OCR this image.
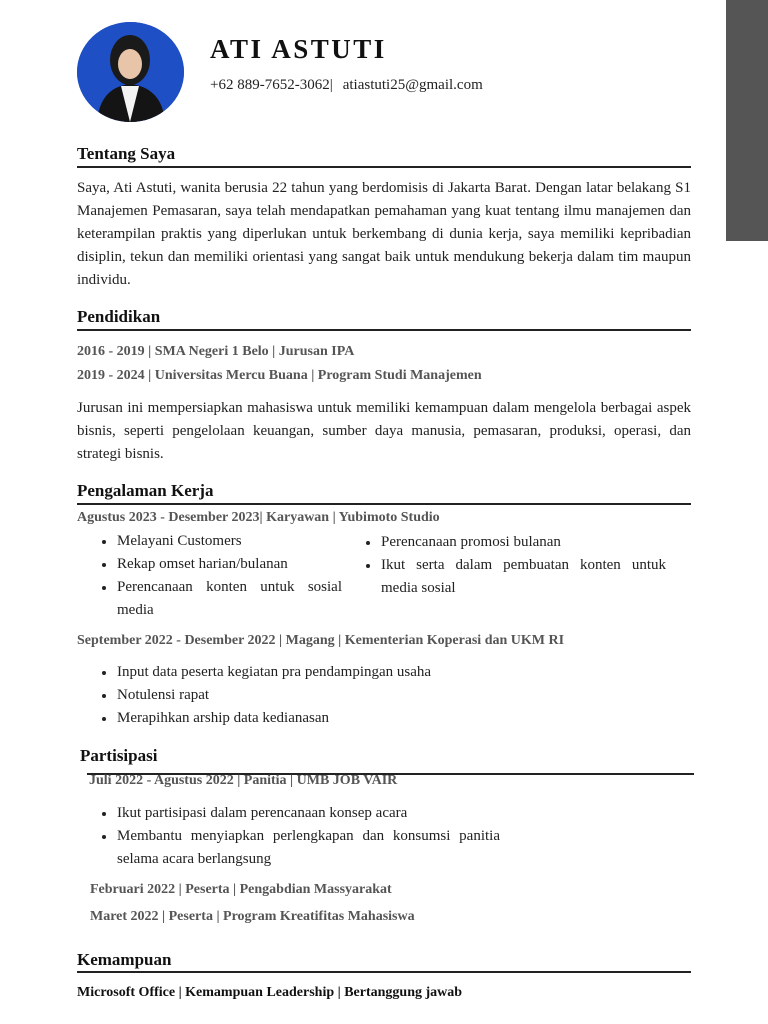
ATI ASTUTI
+62 889-7652-3062| atiastuti25@gmail.com
Tentang Saya
Saya, Ati Astuti, wanita berusia 22 tahun yang berdomisis di Jakarta Barat. Dengan latar belakang S1 Manajemen Pemasaran, saya telah mendapatkan pemahaman yang kuat tentang ilmu manajemen dan keterampilan praktis yang diperlukan untuk berkembang di dunia kerja, saya memiliki kepribadian disiplin, tekun dan memiliki orientasi yang sangat baik untuk mendukung bekerja dalam tim maupun individu.
Pendidikan
2016 - 2019 | SMA Negeri 1 Belo | Jurusan IPA
2019 - 2024 | Universitas Mercu Buana | Program Studi Manajemen
Jurusan ini mempersiapkan mahasiswa untuk memiliki kemampuan dalam mengelola berbagai aspek bisnis, seperti pengelolaan keuangan, sumber daya manusia, pemasaran, produksi, operasi, dan strategi bisnis.
Pengalaman Kerja
Agustus 2023 - Desember 2023| Karyawan | Yubimoto Studio
Melayani Customers
Rekap omset harian/bulanan
Perencanaan konten untuk sosial media
Perencanaan promosi bulanan
Ikut serta dalam pembuatan konten untuk media sosial
September 2022 - Desember 2022 | Magang | Kementerian Koperasi dan UKM RI
Input data peserta kegiatan pra pendampingan usaha
Notulensi rapat
Merapihkan arship data kedianasan
Partisipasi
Juli 2022 - Agustus 2022 | Panitia | UMB JOB VAIR
Ikut partisipasi dalam perencanaan konsep acara
Membantu menyiapkan perlengkapan dan konsumsi panitia selama acara berlangsung
Februari 2022 | Peserta | Pengabdian Massyarakat
Maret 2022 | Peserta | Program Kreatifitas Mahasiswa
Kemampuan
Microsoft Office | Kemampuan Leadership | Bertanggung jawab
